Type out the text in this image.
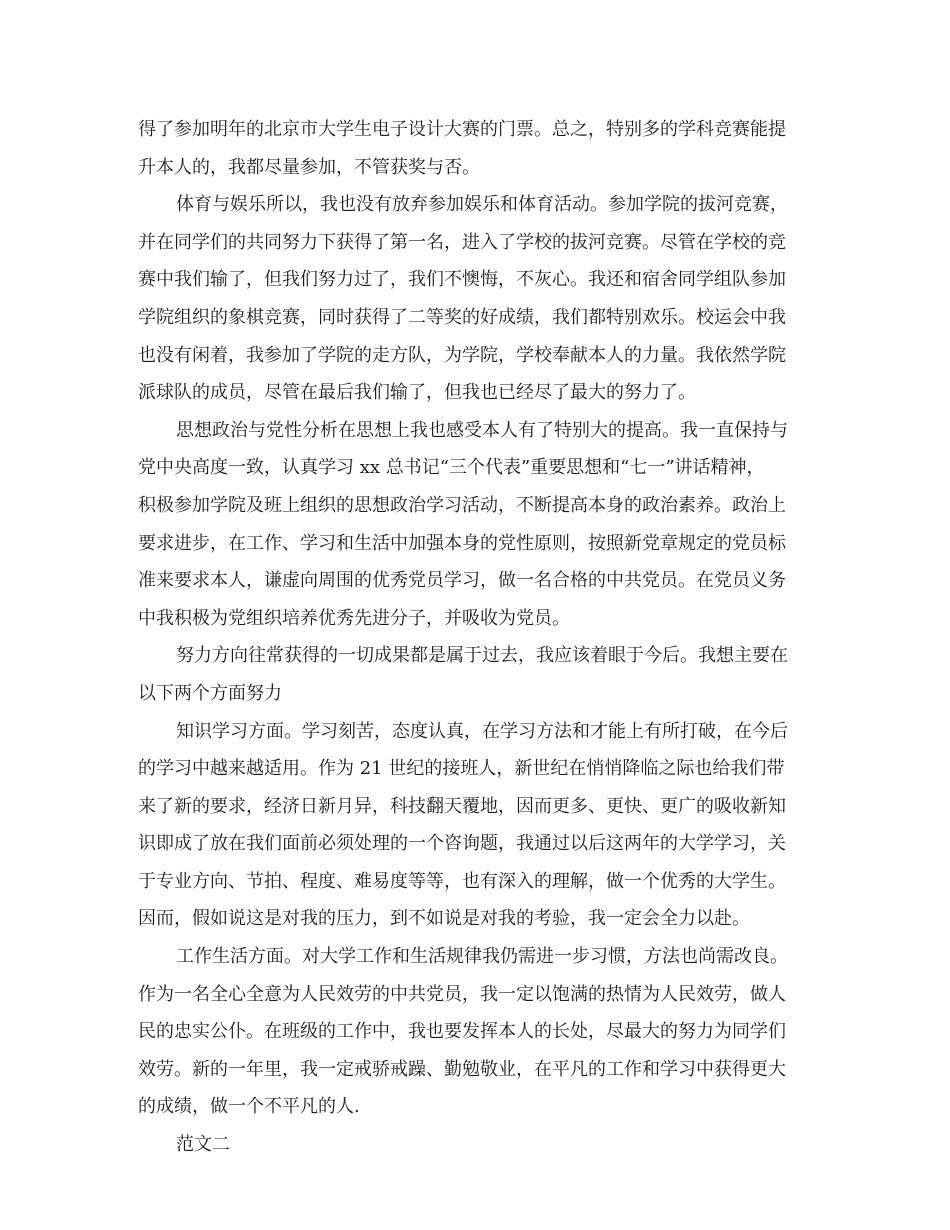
得了参加明年的北京市大学生电子设计大赛的门票。总之，特别多的学科竞赛能提
升本人的，我都尽量参加，不管获奖与否。
体育与娱乐所以，我也没有放弃参加娱乐和体育活动。参加学院的拔河竞赛，
并在同学们的共同努力下获得了第一名，进入了学校的拔河竞赛。尽管在学校的竞
赛中我们输了，但我们努力过了，我们不懊悔，不灰心。我还和宿舍同学组队参加
学院组织的象棋竞赛，同时获得了二等奖的好成绩，我们都特别欢乐。校运会中我
也没有闲着，我参加了学院的走方队，为学院，学校奉献本人的力量。我依然学院
派球队的成员，尽管在最后我们输了，但我也已经尽了最大的努力了。
思想政治与党性分析在思想上我也感受本人有了特别大的提高。我一直保持与
党中央高度一致，认真学习 xx 总书记“三个代表”重要思想和“七一”讲话精神，
积极参加学院及班上组织的思想政治学习活动，不断提高本身的政治素养。政治上
要求进步，在工作、学习和生活中加强本身的党性原则，按照新党章规定的党员标
准来要求本人，谦虚向周围的优秀党员学习，做一名合格的中共党员。在党员义务
中我积极为党组织培养优秀先进分子，并吸收为党员。
努力方向往常获得的一切成果都是属于过去，我应该着眼于今后。我想主要在
以下两个方面努力
知识学习方面。学习刻苦，态度认真，在学习方法和才能上有所打破，在今后
的学习中越来越适用。作为 21 世纪的接班人，新世纪在悄悄降临之际也给我们带
来了新的要求，经济日新月异，科技翻天覆地，因而更多、更快、更广的吸收新知
识即成了放在我们面前必须处理的一个咨询题，我通过以后这两年的大学学习，关
于专业方向、节拍、程度、难易度等等，也有深入的理解，做一个优秀的大学生。
因而，假如说这是对我的压力，到不如说是对我的考验，我一定会全力以赴。
工作生活方面。对大学工作和生活规律我仍需进一步习惯，方法也尚需改良。
作为一名全心全意为人民效劳的中共党员，我一定以饱满的热情为人民效劳，做人
民的忠实公仆。在班级的工作中，我也要发挥本人的长处，尽最大的努力为同学们
效劳。新的一年里，我一定戒骄戒躁、勤勉敬业，在平凡的工作和学习中获得更大
的成绩，做一个不平凡的人.
范文二
